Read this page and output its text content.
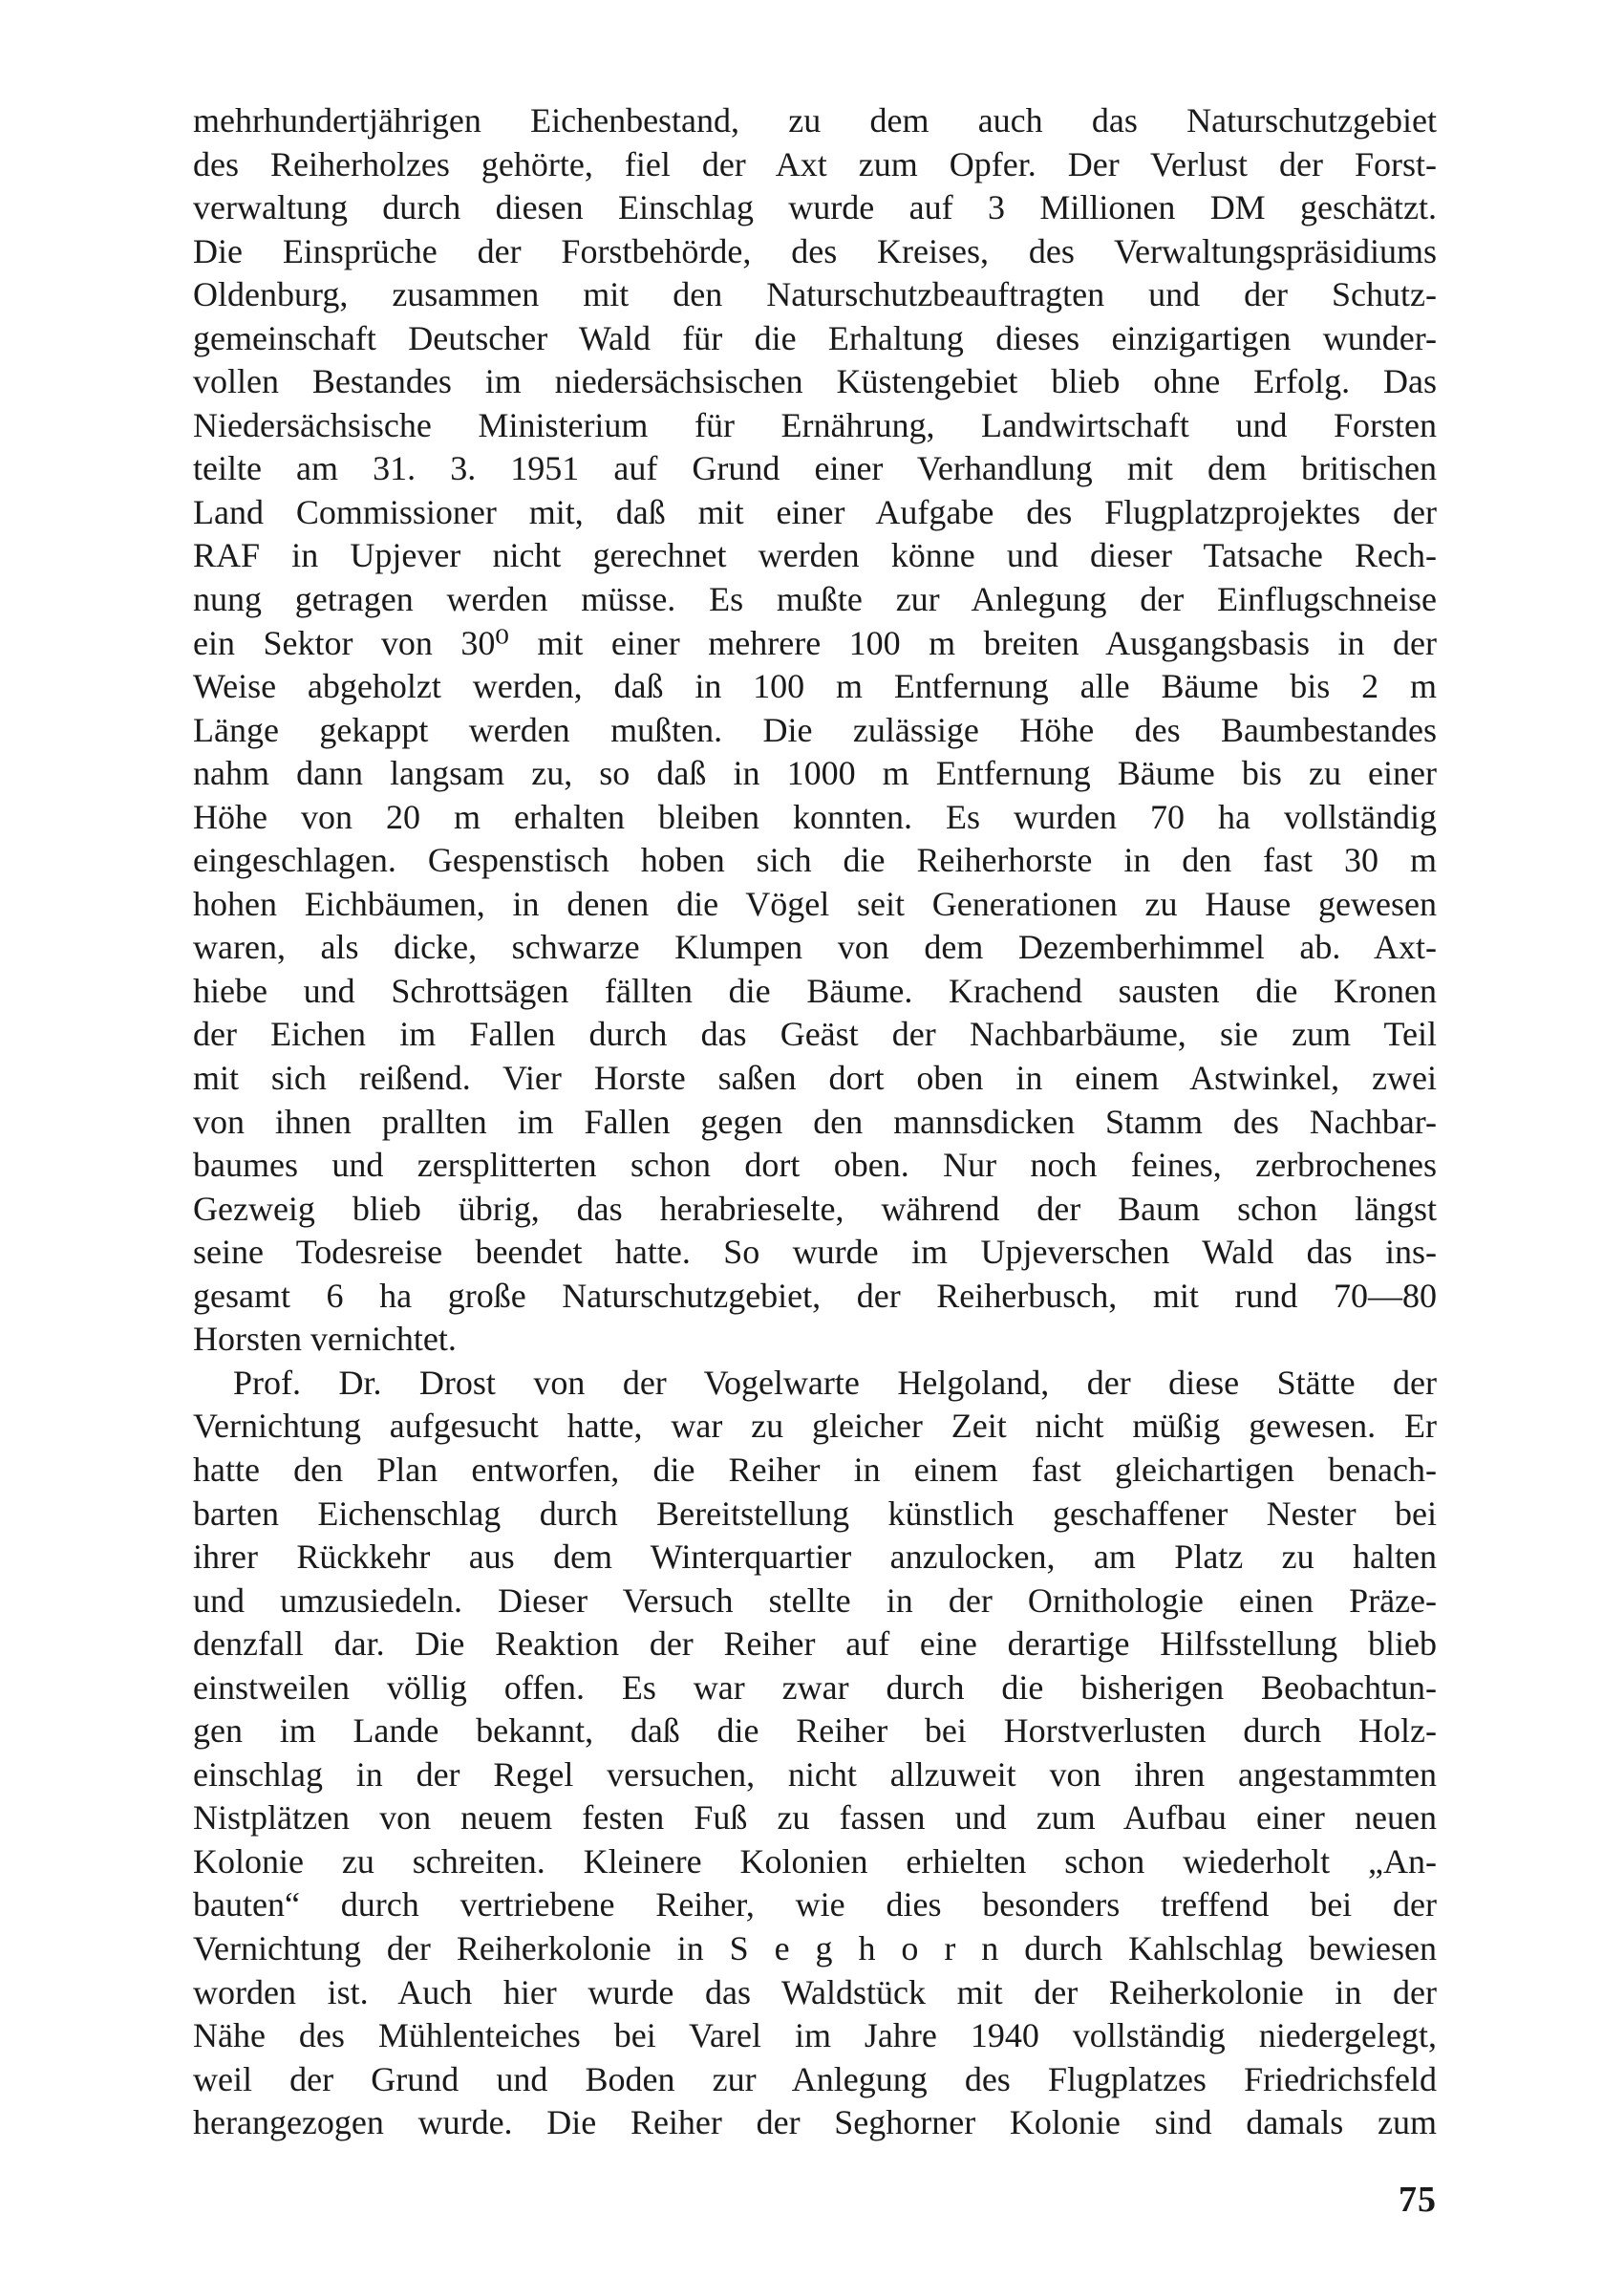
mehrhundertjährigen Eichenbestand, zu dem auch das Naturschutzgebiet
des Reiherholzes gehörte, fiel der Axt zum Opfer. Der Verlust der Forst-
verwaltung durch diesen Einschlag wurde auf 3 Millionen DM geschätzt.
Die Einsprüche der Forstbehörde, des Kreises, des Verwaltungspräsidiums
Oldenburg, zusammen mit den Naturschutzbeauftragten und der Schutz-
gemeinschaft Deutscher Wald für die Erhaltung dieses einzigartigen wunder-
vollen Bestandes im niedersächsischen Küstengebiet blieb ohne Erfolg. Das
Niedersächsische Ministerium für Ernährung, Landwirtschaft und Forsten
teilte am 31. 3. 1951 auf Grund einer Verhandlung mit dem britischen
Land Commissioner mit, daß mit einer Aufgabe des Flugplatzprojektes der
RAF in Upjever nicht gerechnet werden könne und dieser Tatsache Rech-
nung getragen werden müsse. Es mußte zur Anlegung der Einflugschneise
ein Sektor von 30⁰ mit einer mehrere 100 m breiten Ausgangsbasis in der
Weise abgeholzt werden, daß in 100 m Entfernung alle Bäume bis 2 m
Länge gekappt werden mußten. Die zulässige Höhe des Baumbestandes
nahm dann langsam zu, so daß in 1000 m Entfernung Bäume bis zu einer
Höhe von 20 m erhalten bleiben konnten. Es wurden 70 ha vollständig
eingeschlagen. Gespenstisch hoben sich die Reiherhorste in den fast 30 m
hohen Eichbäumen, in denen die Vögel seit Generationen zu Hause gewesen
waren, als dicke, schwarze Klumpen von dem Dezemberhimmel ab. Axt-
hiebe und Schrottsägen fällten die Bäume. Krachend sausten die Kronen
der Eichen im Fallen durch das Geäst der Nachbarbäume, sie zum Teil
mit sich reißend. Vier Horste saßen dort oben in einem Astwinkel, zwei
von ihnen prallten im Fallen gegen den mannsdicken Stamm des Nachbar-
baumes und zersplitterten schon dort oben. Nur noch feines, zerbrochenes
Gezweig blieb übrig, das herabrieselte, während der Baum schon längst
seine Todesreise beendet hatte. So wurde im Upjeverschen Wald das ins-
gesamt 6 ha große Naturschutzgebiet, der Reiherbusch, mit rund 70—80
Horsten vernichtet.
Prof. Dr. Drost von der Vogelwarte Helgoland, der diese Stätte der
Vernichtung aufgesucht hatte, war zu gleicher Zeit nicht müßig gewesen. Er
hatte den Plan entworfen, die Reiher in einem fast gleichartigen benach-
barten Eichenschlag durch Bereitstellung künstlich geschaffener Nester bei
ihrer Rückkehr aus dem Winterquartier anzulocken, am Platz zu halten
und umzusiedeln. Dieser Versuch stellte in der Ornithologie einen Präze-
denzfall dar. Die Reaktion der Reiher auf eine derartige Hilfsstellung blieb
einstweilen völlig offen. Es war zwar durch die bisherigen Beobachtun-
gen im Lande bekannt, daß die Reiher bei Horstverlusten durch Holz-
einschlag in der Regel versuchen, nicht allzuweit von ihren angestammten
Nistplätzen von neuem festen Fuß zu fassen und zum Aufbau einer neuen
Kolonie zu schreiten. Kleinere Kolonien erhielten schon wiederholt „An-
bauten“ durch vertriebene Reiher, wie dies besonders treffend bei der
Vernichtung der Reiherkolonie in S e g h o r n durch Kahlschlag bewiesen
worden ist. Auch hier wurde das Waldstück mit der Reiherkolonie in der
Nähe des Mühlenteiches bei Varel im Jahre 1940 vollständig niedergelegt,
weil der Grund und Boden zur Anlegung des Flugplatzes Friedrichsfeld
herangezogen wurde. Die Reiher der Seghorner Kolonie sind damals zum
75
